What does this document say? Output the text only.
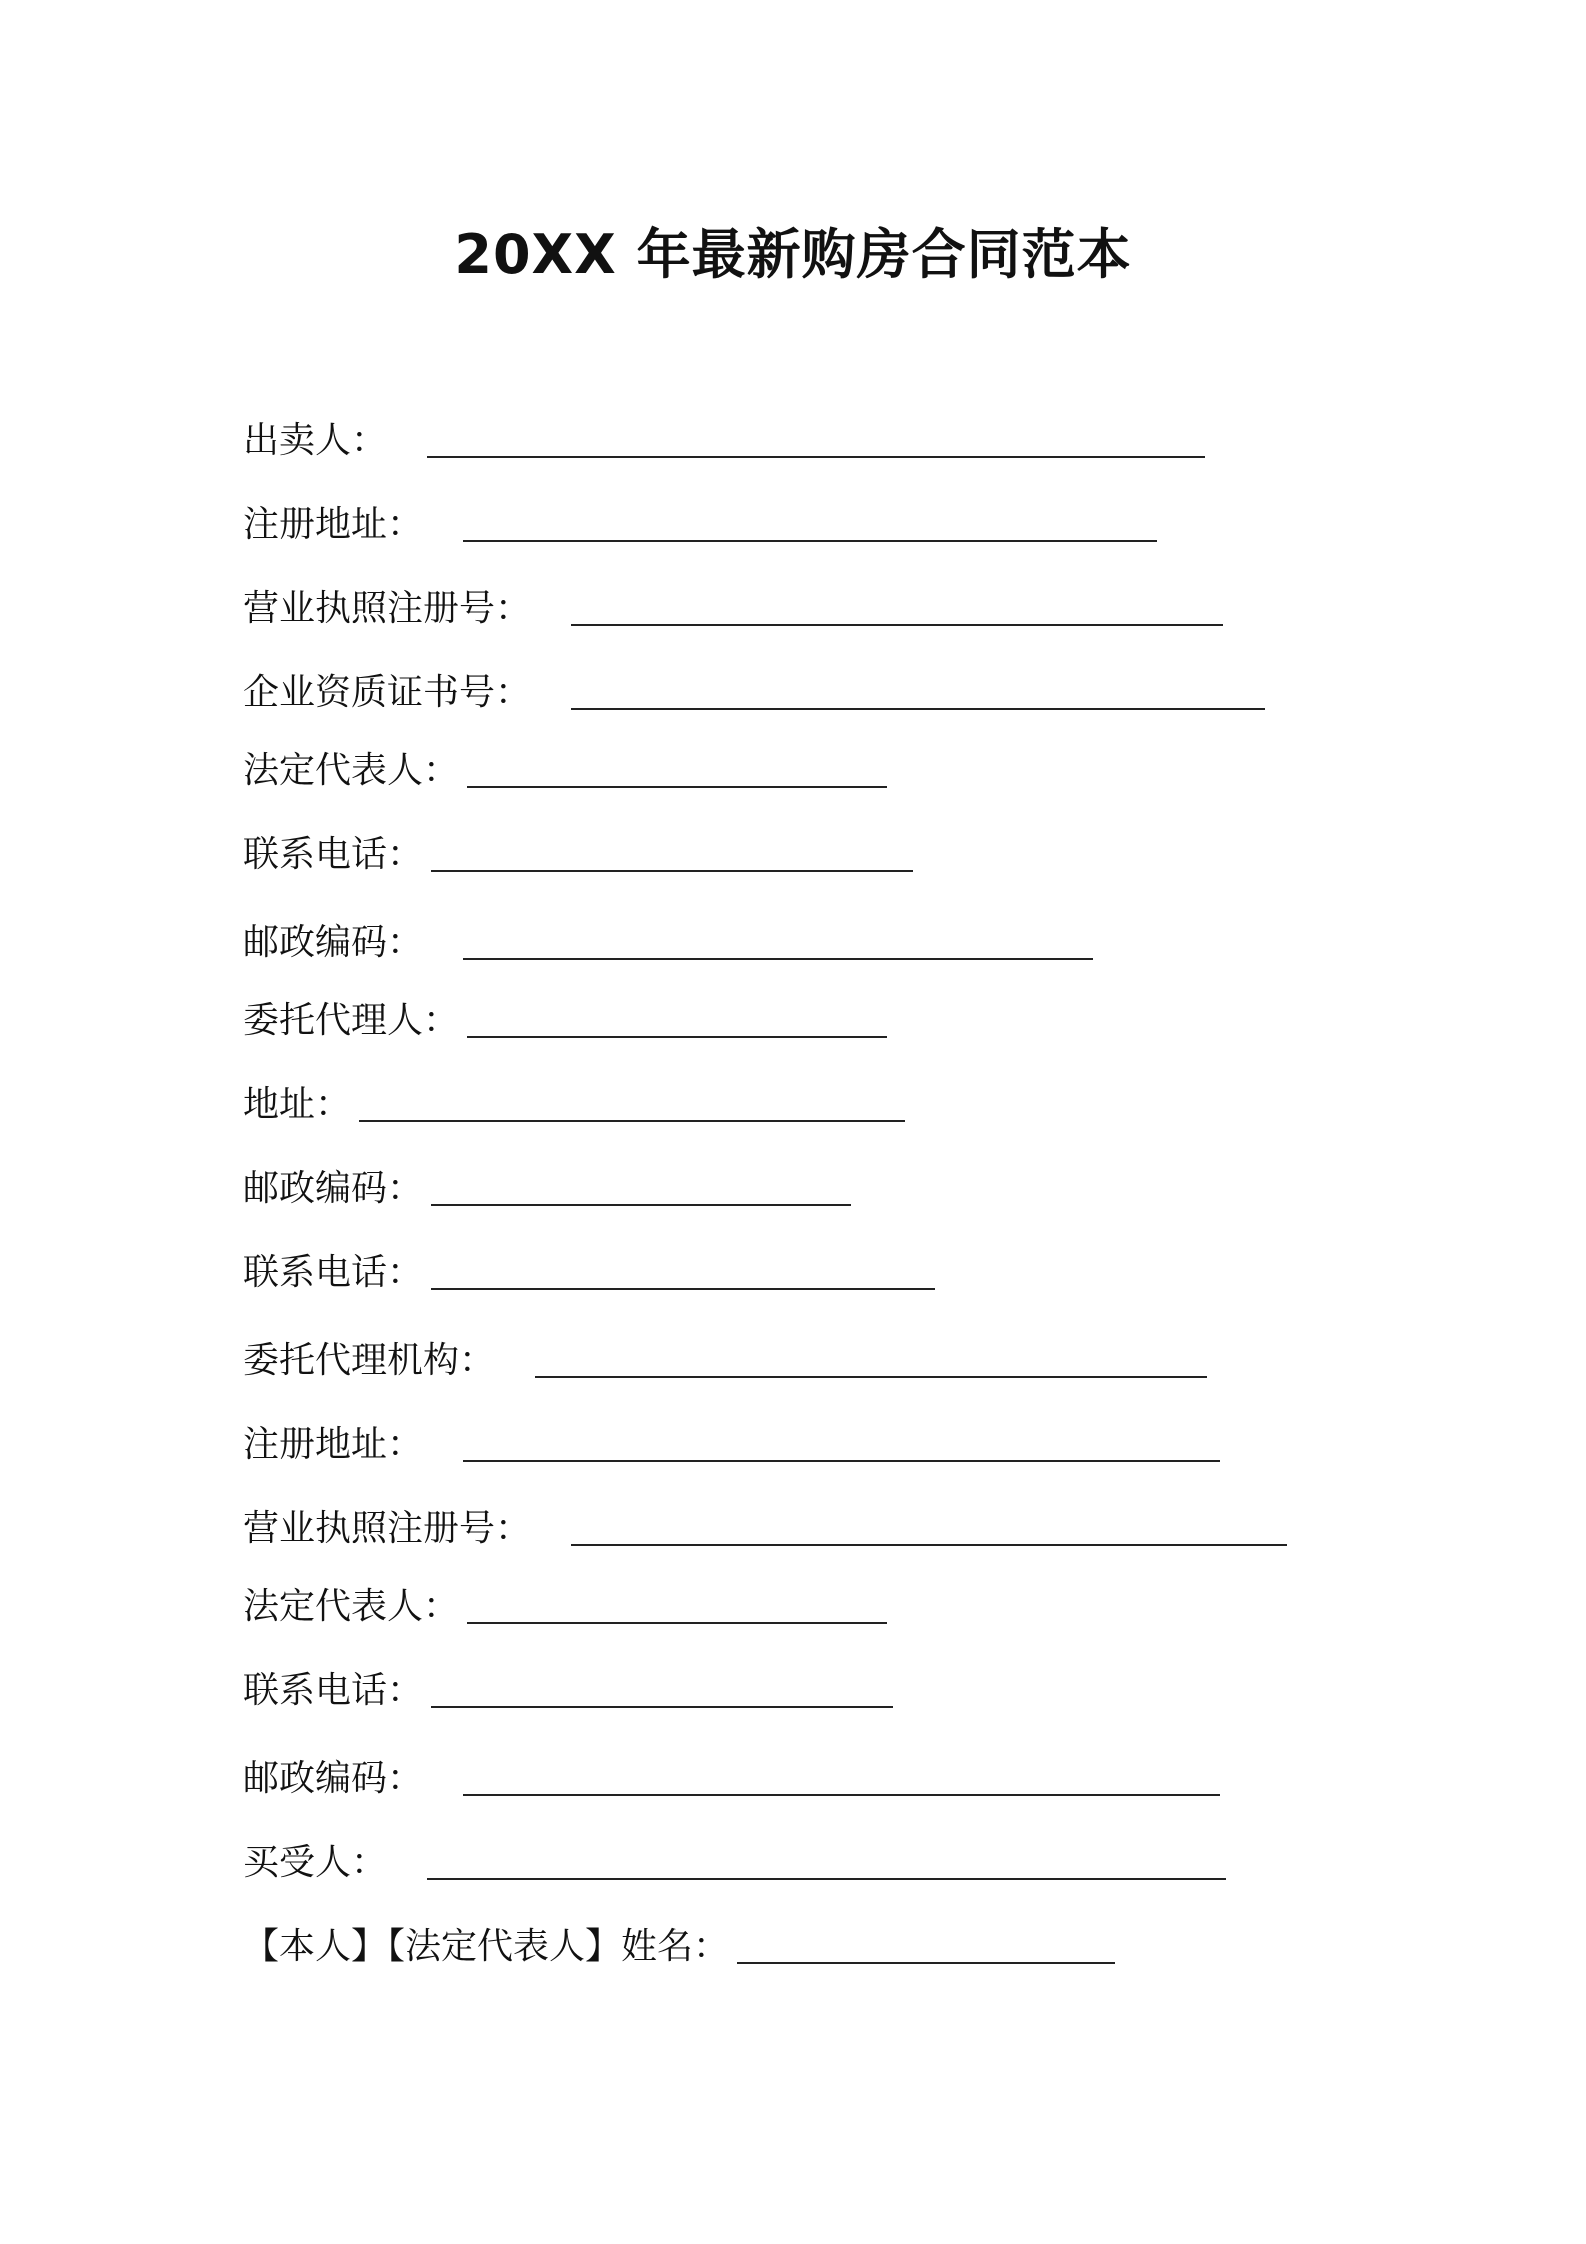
20XX 年最新购房合同范本
出卖人：
注册地址：
营业执照注册号：
企业资质证书号：
法定代表人：
联系电话：
邮政编码：
委托代理人：
地址：
邮政编码：
联系电话：
委托代理机构：
注册地址：
营业执照注册号：
法定代表人：
联系电话：
邮政编码：
买受人：
【本人】【法定代表人】姓名：
